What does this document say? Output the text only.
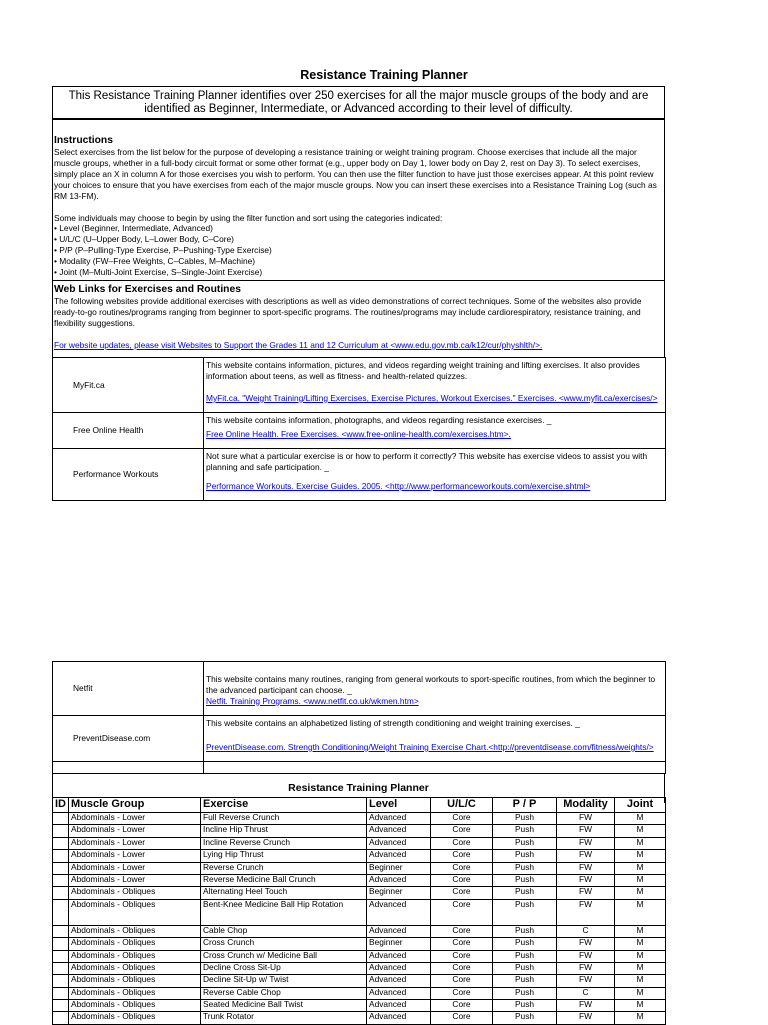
Resistance Training Planner
This Resistance Training Planner identifies over 250 exercises for all the major muscle groups of the body and are identified as Beginner, Intermediate, or Advanced according to their level of difficulty.
Instructions

Select exercises from the list below for the purpose of developing a resistance training or weight training program. Choose exercises that include all the major muscle groups, whether in a full-body circuit format or some other format (e.g., upper body on Day 1, lower body on Day 2, rest on Day 3). To select exercises, simply place an X in column A for those exercises you wish to perform. You can then use the filter function to have just those exercises appear. At this point review your choices to ensure that you have exercises from each of the major muscle groups. Now you can insert these exercises into a Resistance Training Log (such as RM 13-FM).

Some individuals may choose to begin by using the filter function and sort using the categories indicated:

• Level (Beginner, Intermediate, Advanced)
• U/L/C (U–Upper Body, L–Lower Body, C–Core)
• P/P (P–Pulling-Type Exercise, P–Pushing-Type Exercise)
• Modality (FW–Free Weights, C–Cables, M–Machine)
• Joint (M–Multi-Joint Exercise, S–Single-Joint Exercise)
Web Links for Exercises and Routines

The following websites provide additional exercises with descriptions as well as video demonstrations of correct techniques. Some of the websites also provide ready-to-go routines/programs ranging from beginner to sport-specific programs. The routines/programs may include cardiorespiratory, resistance training, and flexibility suggestions.

For website updates, please visit Websites to Support the Grades 11 and 12 Curriculum at <www.edu.gov.mb.ca/k12/cur/physhlth/>.
MyFit.ca	This website contains information, pictures, and videos regarding weight training and lifting exercises. It also provides information about teens, as well as fitness- and health-related quizzes.
MyFit.ca. "Weight Training/Lifting Exercises, Exercise Pictures, Workout Exercises." Exercises. <www.myfit.ca/exercises/>

Free Online Health	This website contains information, photographs, and videos regarding resistance exercises. _
Free Online Health. Free Exercises. <www.free-online-health.com/exercises.htm>.

Performance Workouts	Not sure what a particular exercise is or how to perform it correctly? This website has exercise videos to assist you with planning and safe participation. _
Performance Workouts. Exercise Guides. 2005. <http://www.performanceworkouts.com/exercise.shtml>
Netfit	This website contains many routines, ranging from general workouts to sport-specific routines, from which the beginner to the advanced participant can choose. _
Netfit. Training Programs. <www.netfit.co.uk/wkmen.htm>

PreventDisease.com	This website contains an alphabetized listing of strength conditioning and weight training exercises. _
PreventDisease.com. Strength Conditioning/Weight Training Exercise Chart.<http://preventdisease.com/fitness/weights/>

Resistance Training Planner
ID	Muscle Group	Exercise	Level	U/L/C	P / P	Modality	Joint
	Abdominals - Lower	Full Reverse Crunch	Advanced	Core	Push	FW	M
	Abdominals - Lower	Incline Hip Thrust	Advanced	Core	Push	FW	M
	Abdominals - Lower	Incline Reverse Crunch	Advanced	Core	Push	FW	M
	Abdominals - Lower	Lying Hip Thrust	Advanced	Core	Push	FW	M
	Abdominals - Lower	Reverse Crunch	Beginner	Core	Push	FW	M
	Abdominals - Lower	Reverse Medicine Ball Crunch	Advanced	Core	Push	FW	M
	Abdominals - Obliques	Alternating Heel Touch	Beginner	Core	Push	FW	M
	Abdominals - Obliques	Bent-Knee Medicine Ball Hip Rotation	Advanced	Core	Push	FW	M
	Abdominals - Obliques	Cable Chop	Advanced	Core	Push	C	M
	Abdominals - Obliques	Cross Crunch	Beginner	Core	Push	FW	M
	Abdominals - Obliques	Cross Crunch w/ Medicine Ball	Advanced	Core	Push	FW	M
	Abdominals - Obliques	Decline Cross Sit-Up	Advanced	Core	Push	FW	M
	Abdominals - Obliques	Decline Sit-Up w/ Twist	Advanced	Core	Push	FW	M
	Abdominals - Obliques	Reverse Cable Chop	Advanced	Core	Push	C	M
	Abdominals - Obliques	Seated Medicine Ball Twist	Advanced	Core	Push	FW	M
	Abdominals - Obliques	Trunk Rotator	Advanced	Core	Push	FW	M
